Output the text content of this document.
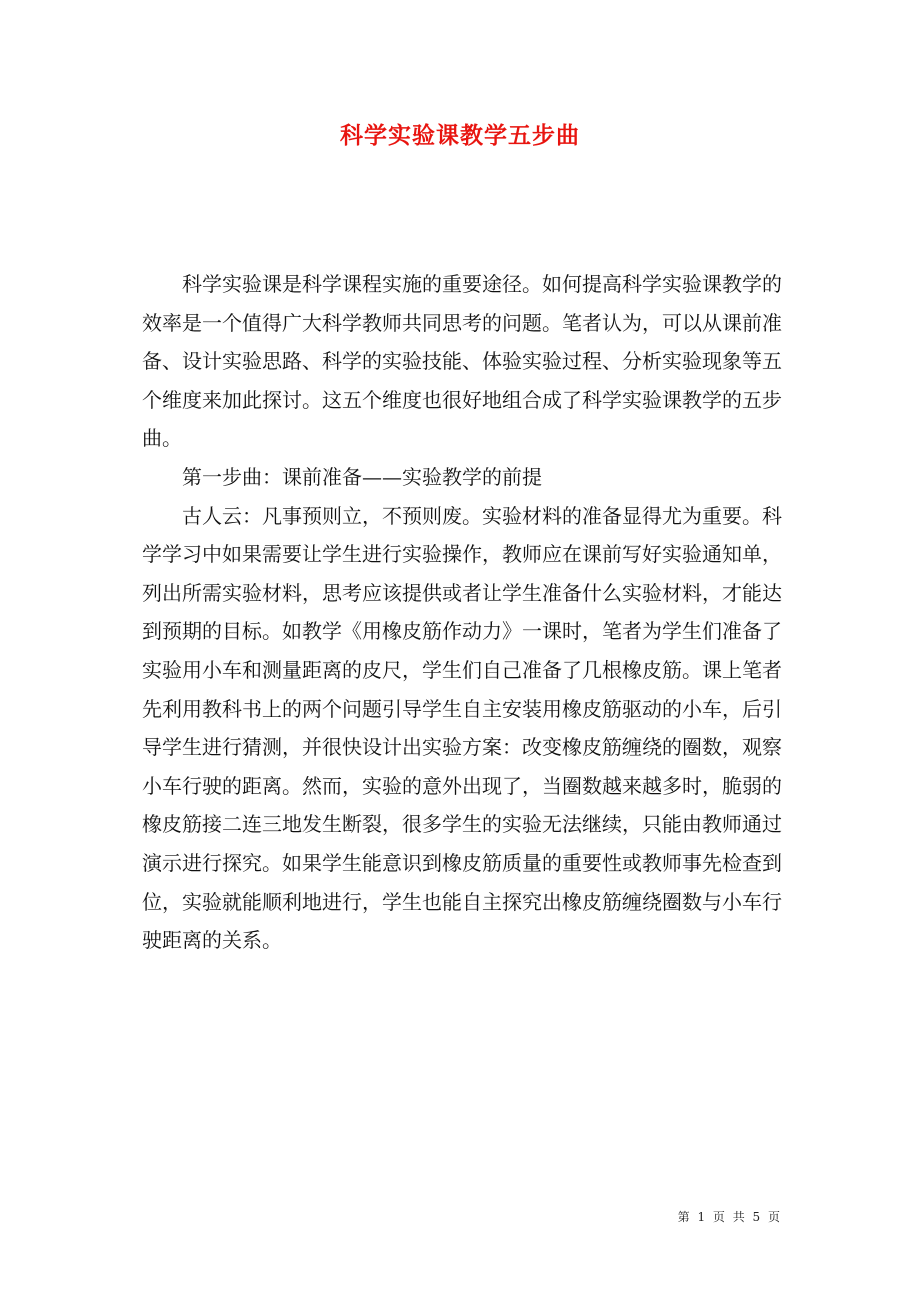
科学实验课教学五步曲

科学实验课是科学课程实施的重要途径。如何提高科学实验课教学的效率是一个值得广大科学教师共同思考的问题。笔者认为，可以从课前准备、设计实验思路、科学的实验技能、体验实验过程、分析实验现象等五个维度来加此探讨。这五个维度也很好地组合成了科学实验课教学的五步曲。

第一步曲：课前准备——实验教学的前提

古人云：凡事预则立，不预则废。实验材料的准备显得尤为重要。科学学习中如果需要让学生进行实验操作，教师应在课前写好实验通知单，列出所需实验材料，思考应该提供或者让学生准备什么实验材料，才能达到预期的目标。如教学《用橡皮筋作动力》一课时，笔者为学生们准备了实验用小车和测量距离的皮尺，学生们自己准备了几根橡皮筋。课上笔者先利用教科书上的两个问题引导学生自主安装用橡皮筋驱动的小车，后引导学生进行猜测，并很快设计出实验方案：改变橡皮筋缠绕的圈数，观察小车行驶的距离。然而，实验的意外出现了，当圈数越来越多时，脆弱的橡皮筋接二连三地发生断裂，很多学生的实验无法继续，只能由教师通过演示进行探究。如果学生能意识到橡皮筋质量的重要性或教师事先检查到位，实验就能顺利地进行，学生也能自主探究出橡皮筋缠绕圈数与小车行驶距离的关系。

第 1 页 共 5 页
